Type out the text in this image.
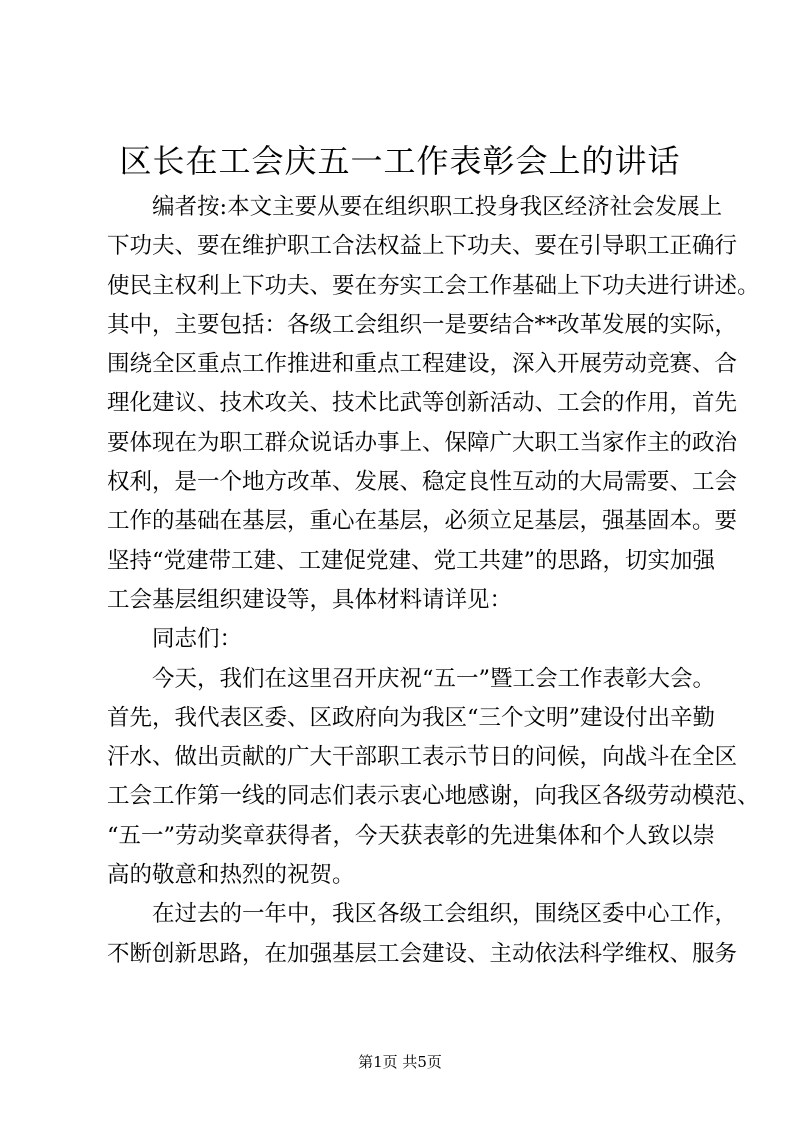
区长在工会庆五一工作表彰会上的讲话
编者按:本文主要从要在组织职工投身我区经济社会发展上
下功夫、要在维护职工合法权益上下功夫、要在引导职工正确行
使民主权利上下功夫、要在夯实工会工作基础上下功夫进行讲述。
其中，主要包括：各级工会组织一是要结合**改革发展的实际，
围绕全区重点工作推进和重点工程建设，深入开展劳动竞赛、合
理化建议、技术攻关、技术比武等创新活动、工会的作用，首先
要体现在为职工群众说话办事上、保障广大职工当家作主的政治
权利，是一个地方改革、发展、稳定良性互动的大局需要、工会
工作的基础在基层，重心在基层，必须立足基层，强基固本。要
坚持“党建带工建、工建促党建、党工共建”的思路，切实加强
工会基层组织建设等，具体材料请详见：
同志们：
今天，我们在这里召开庆祝“五一”暨工会工作表彰大会。
首先，我代表区委、区政府向为我区“三个文明”建设付出辛勤
汗水、做出贡献的广大干部职工表示节日的问候，向战斗在全区
工会工作第一线的同志们表示衷心地感谢，向我区各级劳动模范、
“五一”劳动奖章获得者，今天获表彰的先进集体和个人致以崇
高的敬意和热烈的祝贺。
在过去的一年中，我区各级工会组织，围绕区委中心工作，
不断创新思路，在加强基层工会建设、主动依法科学维权、服务
第1页 共5页
